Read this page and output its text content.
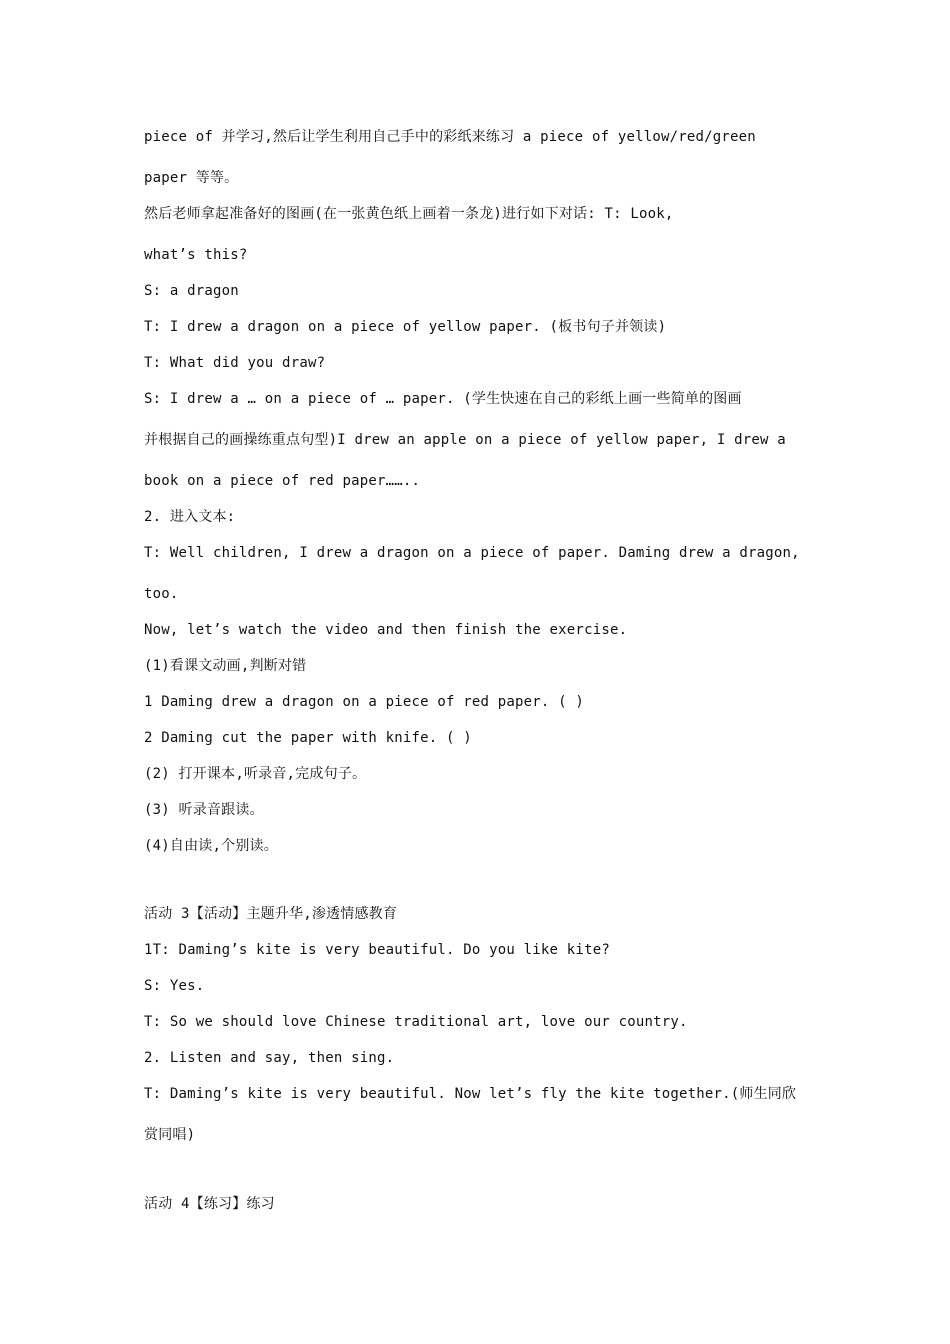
piece of 并学习,然后让学生利用自己手中的彩纸来练习 a piece of yellow/red/green
paper 等等。
然后老师拿起准备好的图画(在一张黄色纸上画着一条龙)进行如下对话: T: Look,
what’s this?
S: a dragon
T: I drew a dragon on a piece of yellow paper. (板书句子并领读)
T: What did you draw?
S: I drew a … on a piece of … paper. (学生快速在自己的彩纸上画一些简单的图画
并根据自己的画操练重点句型)I drew an apple on a piece of yellow paper, I drew a
book on a piece of red paper……..
2. 进入文本:
T: Well children, I drew a dragon on a piece of paper. Daming drew a dragon,
too.
Now, let’s watch the video and then finish the exercise.
(1)看课文动画,判断对错
1 Daming drew a dragon on a piece of red paper. ( )
2 Daming cut the paper with knife. ( )
(2) 打开课本,听录音,完成句子。
(3) 听录音跟读。
(4)自由读,个别读。
活动 3【活动】主题升华,渗透情感教育
1T: Daming’s kite is very beautiful. Do you like kite?
S: Yes.
T: So we should love Chinese traditional art, love our country.
2. Listen and say, then sing.
T: Daming’s kite is very beautiful. Now let’s fly the kite together.(师生同欣
赏同唱)
活动 4【练习】练习
